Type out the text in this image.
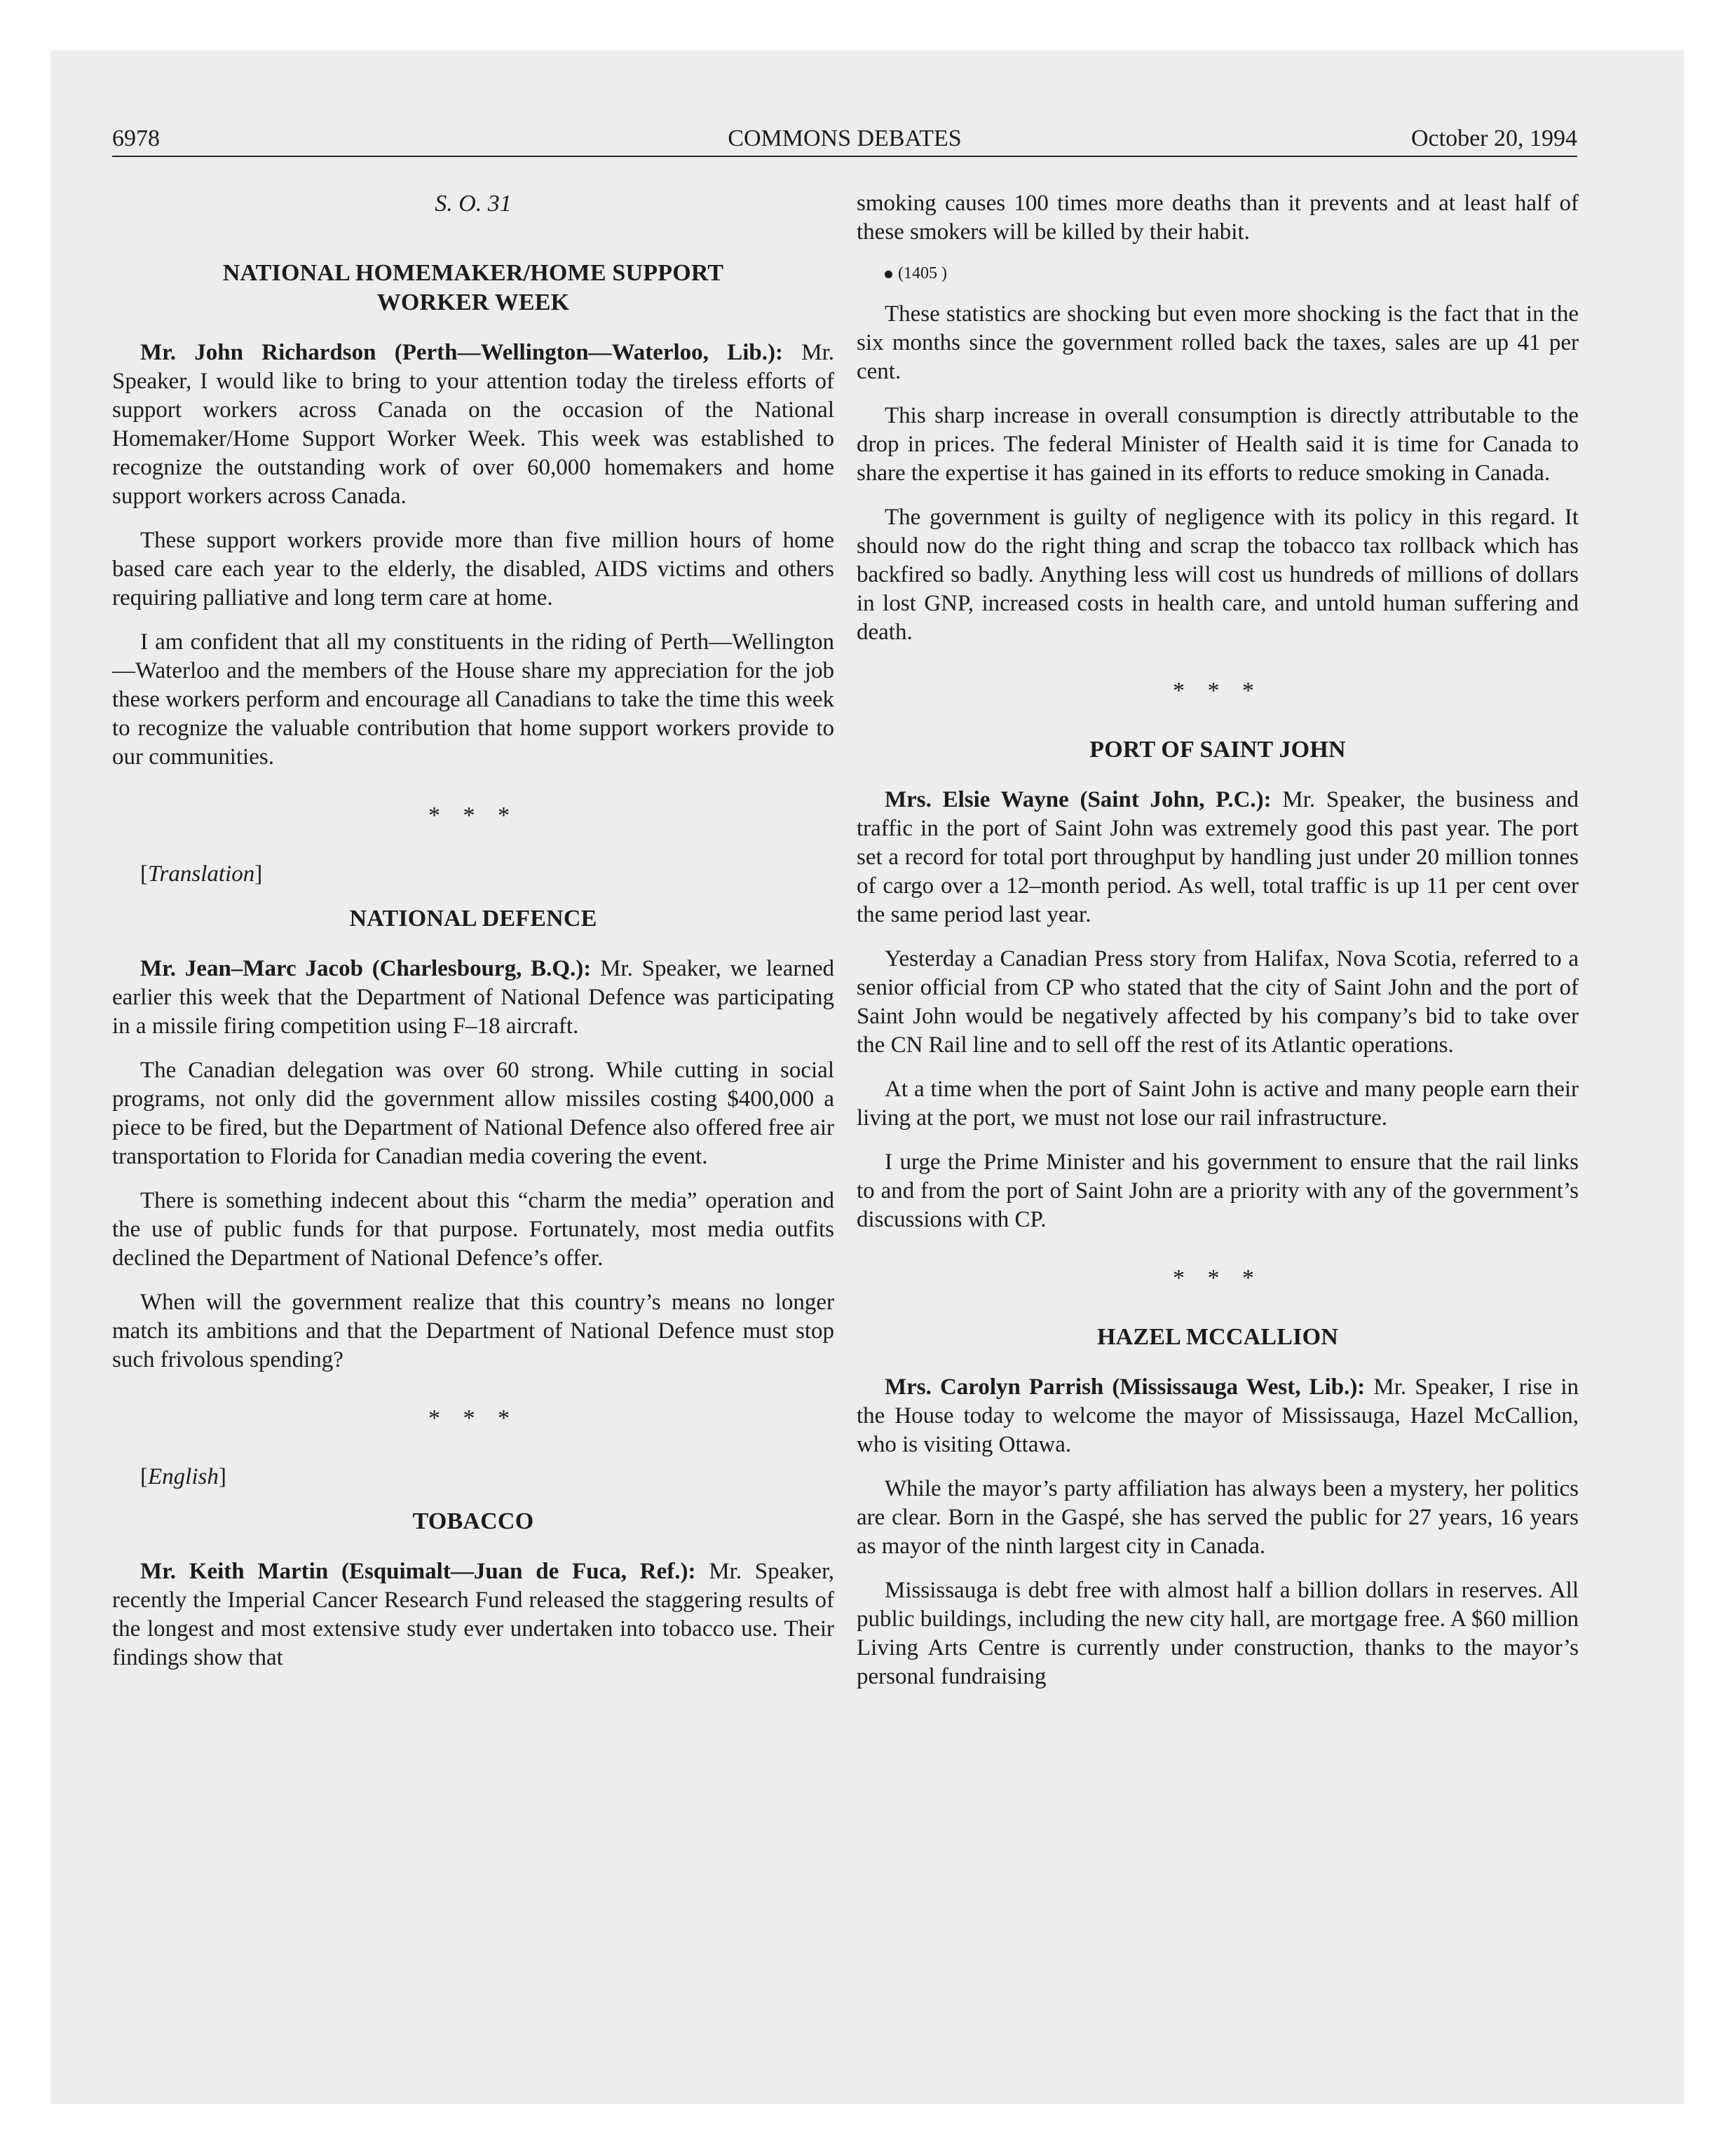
6978	COMMONS DEBATES	October 20, 1994
S. O. 31
NATIONAL HOMEMAKER/HOME SUPPORT
WORKER WEEK

Mr. John Richardson (Perth—Wellington—Waterloo, Lib.): Mr. Speaker, I would like to bring to your attention today the tireless efforts of support workers across Canada on the occasion of the National Homemaker/Home Support Worker Week. This week was established to recognize the outstanding work of over 60,000 homemakers and home support workers across Canada.

These support workers provide more than five million hours of home based care each year to the elderly, the disabled, AIDS victims and others requiring palliative and long term care at home.

I am confident that all my constituents in the riding of Perth—Wellington—Waterloo and the members of the House share my appreciation for the job these workers perform and encourage all Canadians to take the time this week to recognize the valuable contribution that home support workers provide to our communities.

* * *

[Translation]

NATIONAL DEFENCE

Mr. Jean–Marc Jacob (Charlesbourg, B.Q.): Mr. Speaker, we learned earlier this week that the Department of National Defence was participating in a missile firing competition using F–18 aircraft.

The Canadian delegation was over 60 strong. While cutting in social programs, not only did the government allow missiles costing $400,000 a piece to be fired, but the Department of National Defence also offered free air transportation to Florida for Canadian media covering the event.

There is something indecent about this “charm the media” operation and the use of public funds for that purpose. Fortunately, most media outfits declined the Department of National Defence’s offer.

When will the government realize that this country’s means no longer match its ambitions and that the Department of National Defence must stop such frivolous spending?

* * *

[English]

TOBACCO

Mr. Keith Martin (Esquimalt—Juan de Fuca, Ref.): Mr. Speaker, recently the Imperial Cancer Research Fund released the staggering results of the longest and most extensive study ever undertaken into tobacco use. Their findings show that

smoking causes 100 times more deaths than it prevents and at least half of these smokers will be killed by their habit.

(1405 )

These statistics are shocking but even more shocking is the fact that in the six months since the government rolled back the taxes, sales are up 41 per cent.

This sharp increase in overall consumption is directly attributable to the drop in prices. The federal Minister of Health said it is time for Canada to share the expertise it has gained in its efforts to reduce smoking in Canada.

The government is guilty of negligence with its policy in this regard. It should now do the right thing and scrap the tobacco tax rollback which has backfired so badly. Anything less will cost us hundreds of millions of dollars in lost GNP, increased costs in health care, and untold human suffering and death.

* * *
PORT OF SAINT JOHN

Mrs. Elsie Wayne (Saint John, P.C.): Mr. Speaker, the business and traffic in the port of Saint John was extremely good this past year. The port set a record for total port throughput by handling just under 20 million tonnes of cargo over a 12–month period. As well, total traffic is up 11 per cent over the same period last year.

Yesterday a Canadian Press story from Halifax, Nova Scotia, referred to a senior official from CP who stated that the city of Saint John and the port of Saint John would be negatively affected by his company’s bid to take over the CN Rail line and to sell off the rest of its Atlantic operations.

At a time when the port of Saint John is active and many people earn their living at the port, we must not lose our rail infrastructure.

I urge the Prime Minister and his government to ensure that the rail links to and from the port of Saint John are a priority with any of the government’s discussions with CP.

* * *
HAZEL MCCALLION

Mrs. Carolyn Parrish (Mississauga West, Lib.): Mr. Speaker, I rise in the House today to welcome the mayor of Mississauga, Hazel McCallion, who is visiting Ottawa.

While the mayor’s party affiliation has always been a mystery, her politics are clear. Born in the Gaspé, she has served the public for 27 years, 16 years as mayor of the ninth largest city in Canada.

Mississauga is debt free with almost half a billion dollars in reserves. All public buildings, including the new city hall, are mortgage free. A $60 million Living Arts Centre is currently under construction, thanks to the mayor’s personal fundraising
